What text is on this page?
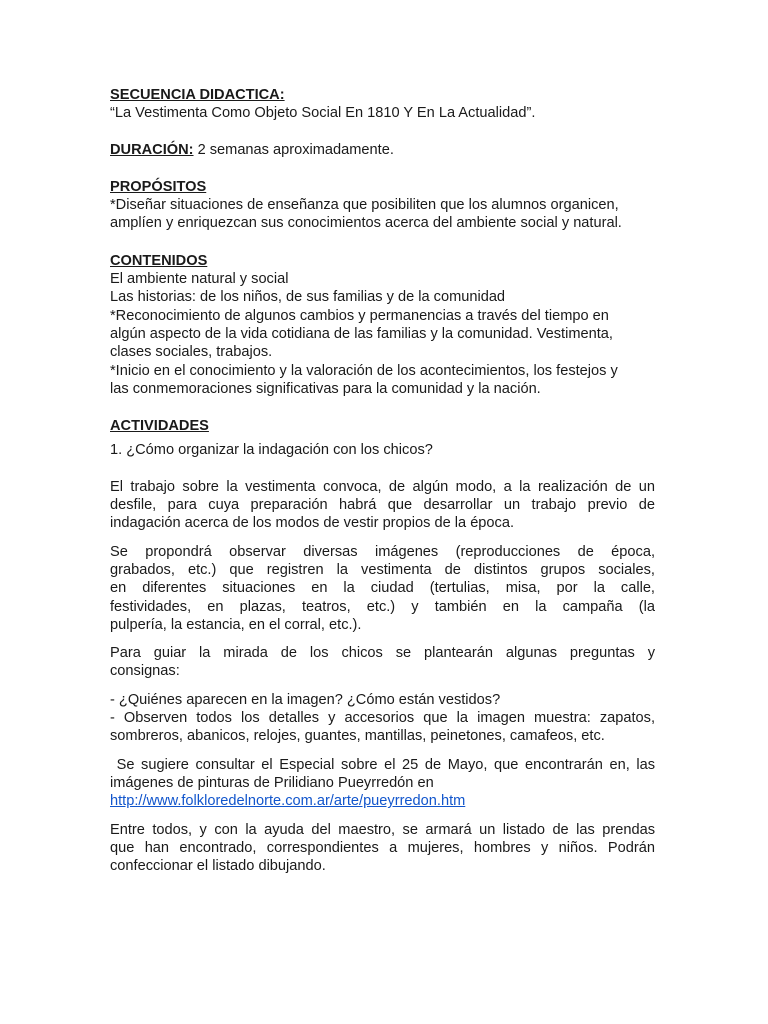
SECUENCIA DIDACTICA:
“La Vestimenta Como Objeto Social En 1810 Y En La Actualidad”.
DURACIÓN: 2 semanas aproximadamente.
PROPÓSITOS
*Diseñar situaciones de enseñanza que posibiliten que los alumnos organicen,
amplíen y enriquezcan sus conocimientos acerca del ambiente social y natural.
CONTENIDOS
El ambiente natural y social
Las historias: de los niños, de sus familias y de la comunidad
*Reconocimiento de algunos cambios y permanencias a través del tiempo en
algún aspecto de la vida cotidiana de las familias y la comunidad. Vestimenta,
clases sociales, trabajos.
*Inicio en el conocimiento y la valoración de los acontecimientos, los festejos y
las conmemoraciones significativas para la comunidad y la nación.
ACTIVIDADES
1. ¿Cómo organizar la indagación con los chicos?

El trabajo sobre la vestimenta convoca, de algún modo, a la realización de un
desfile, para cuya preparación habrá que desarrollar un trabajo previo de
indagación acerca de los modos de vestir propios de la época.

Se propondrá observar diversas imágenes (reproducciones de época,
grabados, etc.) que registren la vestimenta de distintos grupos sociales,
en diferentes situaciones en la ciudad (tertulias, misa, por la calle,
festividades, en plazas, teatros, etc.) y también en la campaña (la
pulpería, la estancia, en el corral, etc.).

Para guiar la mirada de los chicos se plantearán algunas preguntas y
consignas:

- ¿Quiénes aparecen en la imagen? ¿Cómo están vestidos?
- Observen todos los detalles y accesorios que la imagen muestra: zapatos,
sombreros, abanicos, relojes, guantes, mantillas, peinetones, camafeos, etc.

Se sugiere consultar el Especial sobre el 25 de Mayo, que encontrarán en, las
imágenes de pinturas de Prilidiano Pueyrredón en
http://www.folkloredelnorte.com.ar/arte/pueyrredon.htm

Entre todos, y con la ayuda del maestro, se armará un listado de las prendas
que han encontrado, correspondientes a mujeres, hombres y niños. Podrán
confeccionar el listado dibujando.
